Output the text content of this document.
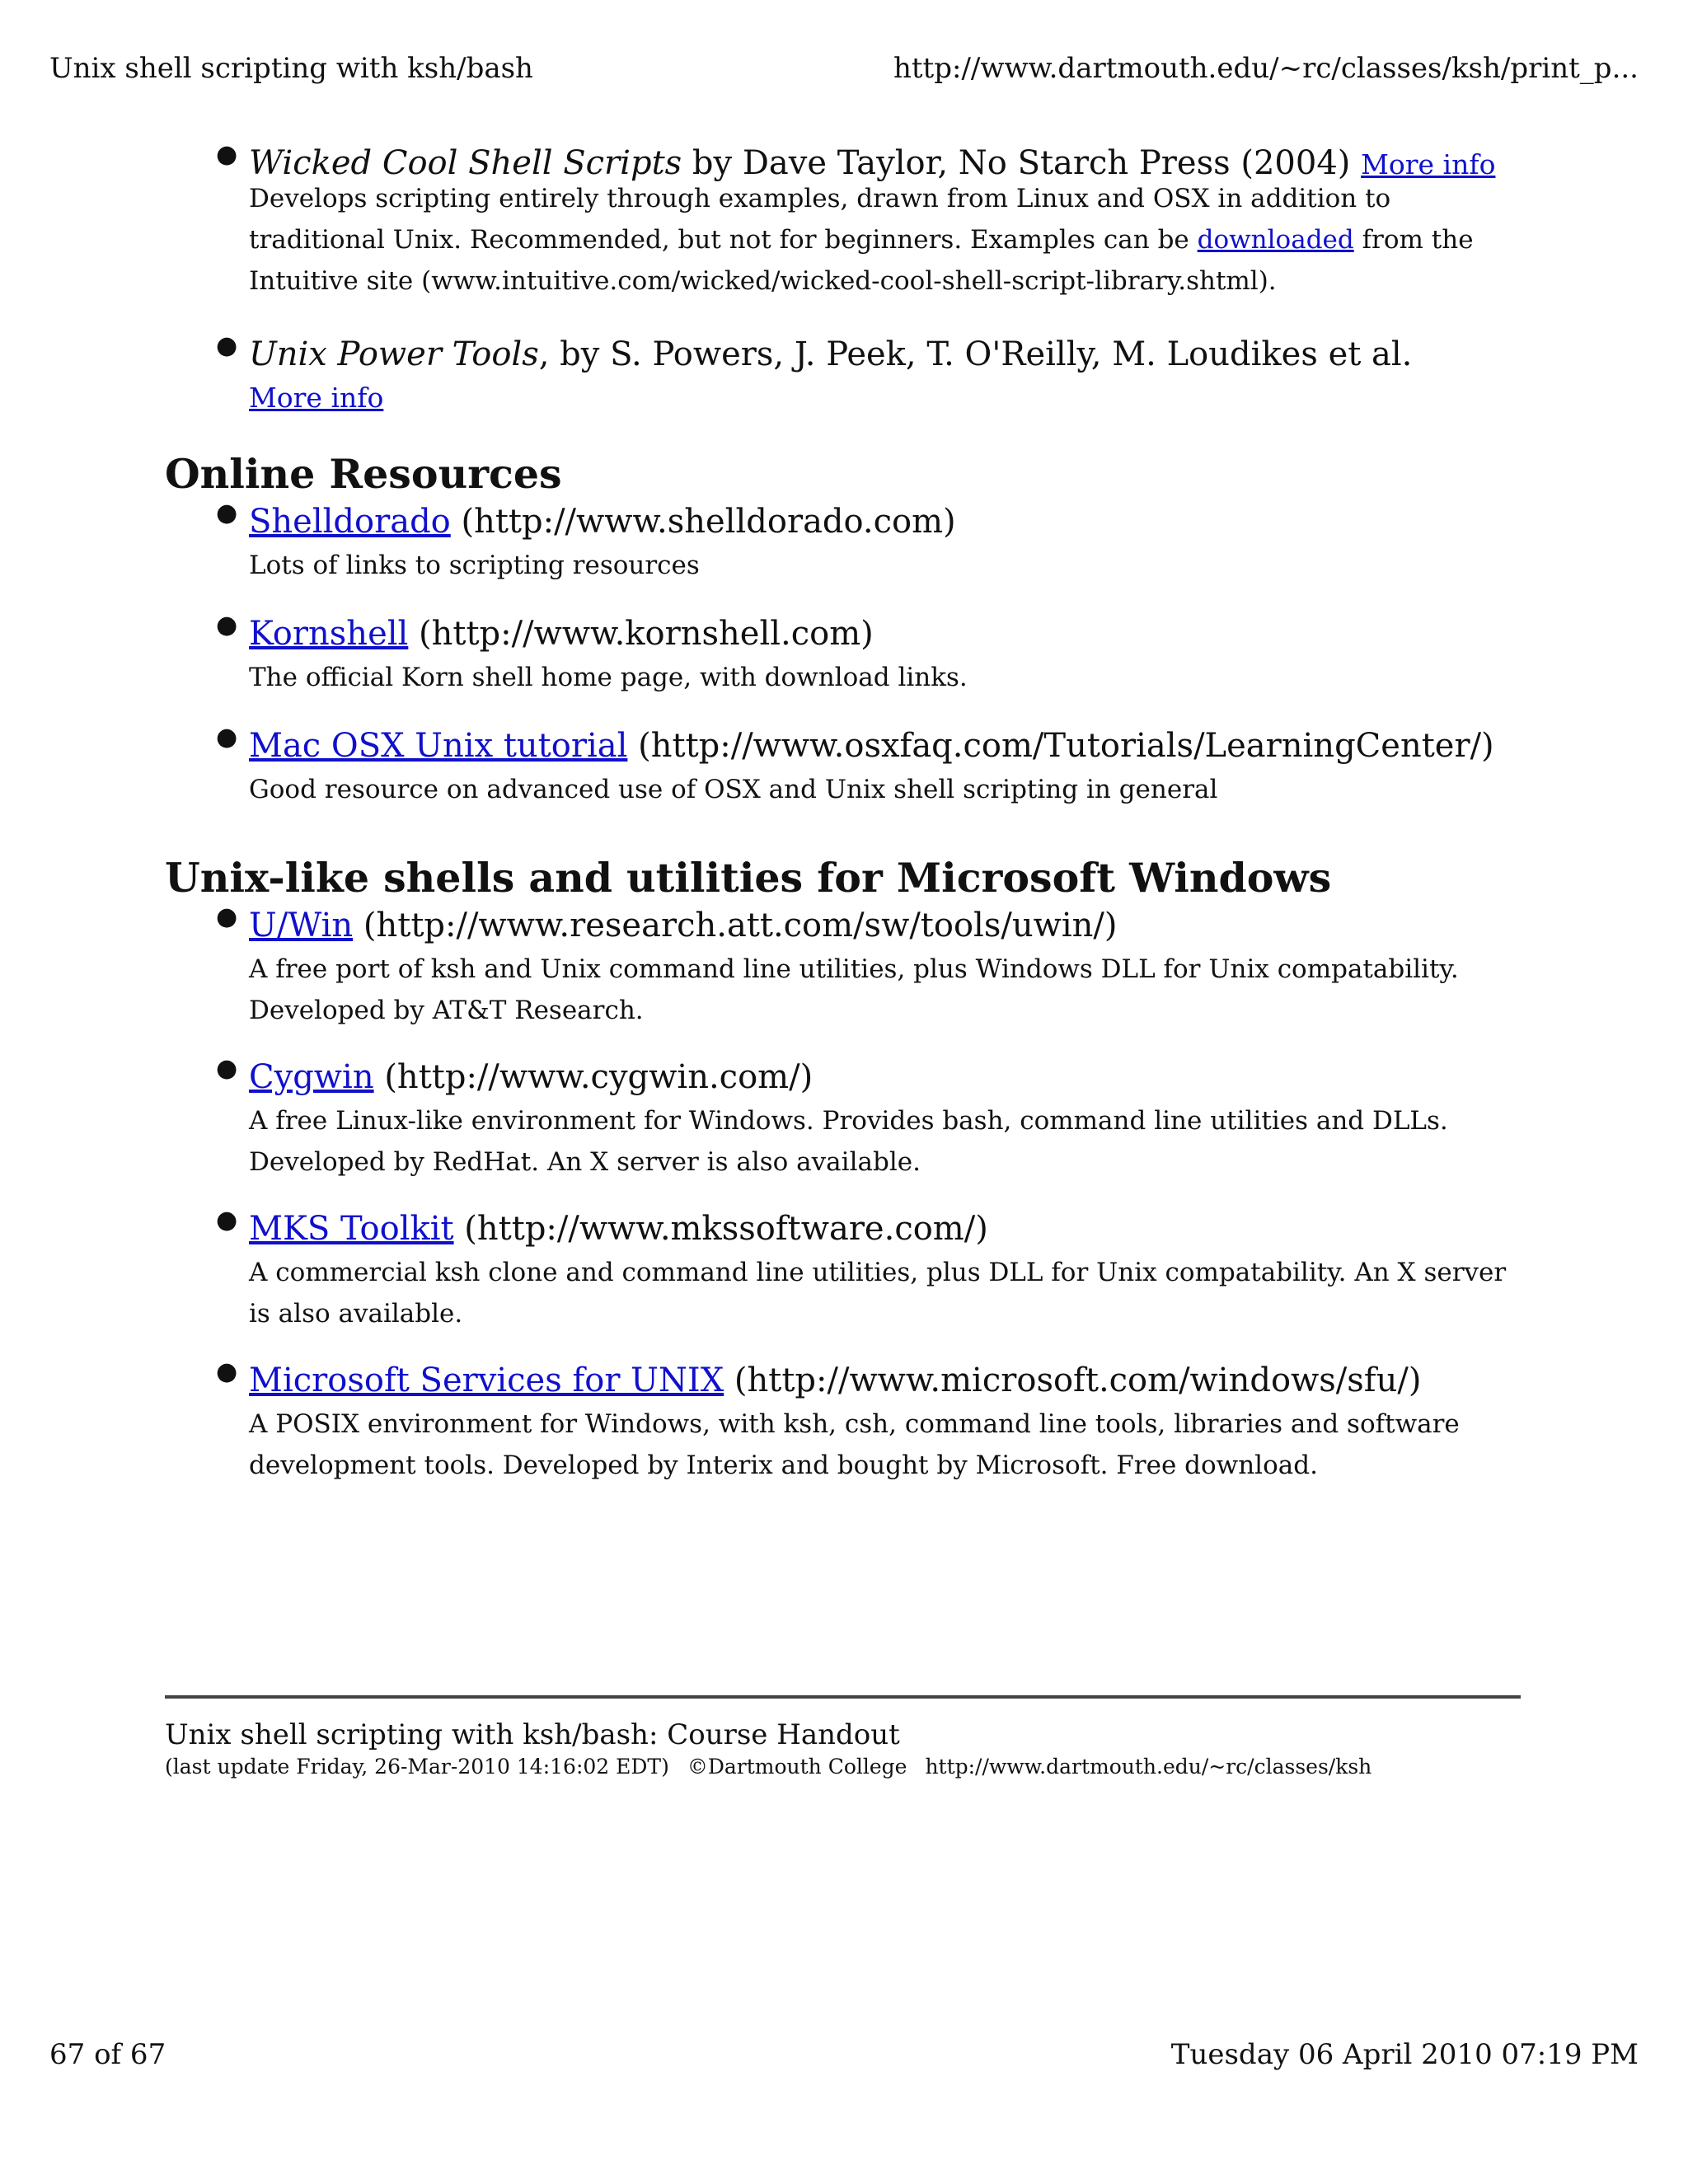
Unix shell scripting with ksh/bash	http://www.dartmouth.edu/~rc/classes/ksh/print_p...
● Wicked Cool Shell Scripts by Dave Taylor, No Starch Press (2004) More info
Develops scripting entirely through examples, drawn from Linux and OSX in addition to traditional Unix. Recommended, but not for beginners. Examples can be downloaded from the Intuitive site (www.intuitive.com/wicked/wicked-cool-shell-script-library.shtml).
● Unix Power Tools, by S. Powers, J. Peek, T. O'Reilly, M. Loudikes et al.
More info
Online Resources
● Shelldorado (http://www.shelldorado.com)
Lots of links to scripting resources
● Kornshell (http://www.kornshell.com)
The official Korn shell home page, with download links.
● Mac OSX Unix tutorial (http://www.osxfaq.com/Tutorials/LearningCenter/)
Good resource on advanced use of OSX and Unix shell scripting in general
Unix-like shells and utilities for Microsoft Windows
● U/Win (http://www.research.att.com/sw/tools/uwin/)
A free port of ksh and Unix command line utilities, plus Windows DLL for Unix compatability. Developed by AT&T Research.
● Cygwin (http://www.cygwin.com/)
A free Linux-like environment for Windows. Provides bash, command line utilities and DLLs. Developed by RedHat. An X server is also available.
● MKS Toolkit (http://www.mkssoftware.com/)
A commercial ksh clone and command line utilities, plus DLL for Unix compatability. An X server is also available.
● Microsoft Services for UNIX (http://www.microsoft.com/windows/sfu/)
A POSIX environment for Windows, with ksh, csh, command line tools, libraries and software development tools. Developed by Interix and bought by Microsoft. Free download.
Unix shell scripting with ksh/bash: Course Handout
(last update Friday, 26-Mar-2010 14:16:02 EDT) ©Dartmouth College http://www.dartmouth.edu/~rc/classes/ksh
67 of 67	Tuesday 06 April 2010 07:19 PM
